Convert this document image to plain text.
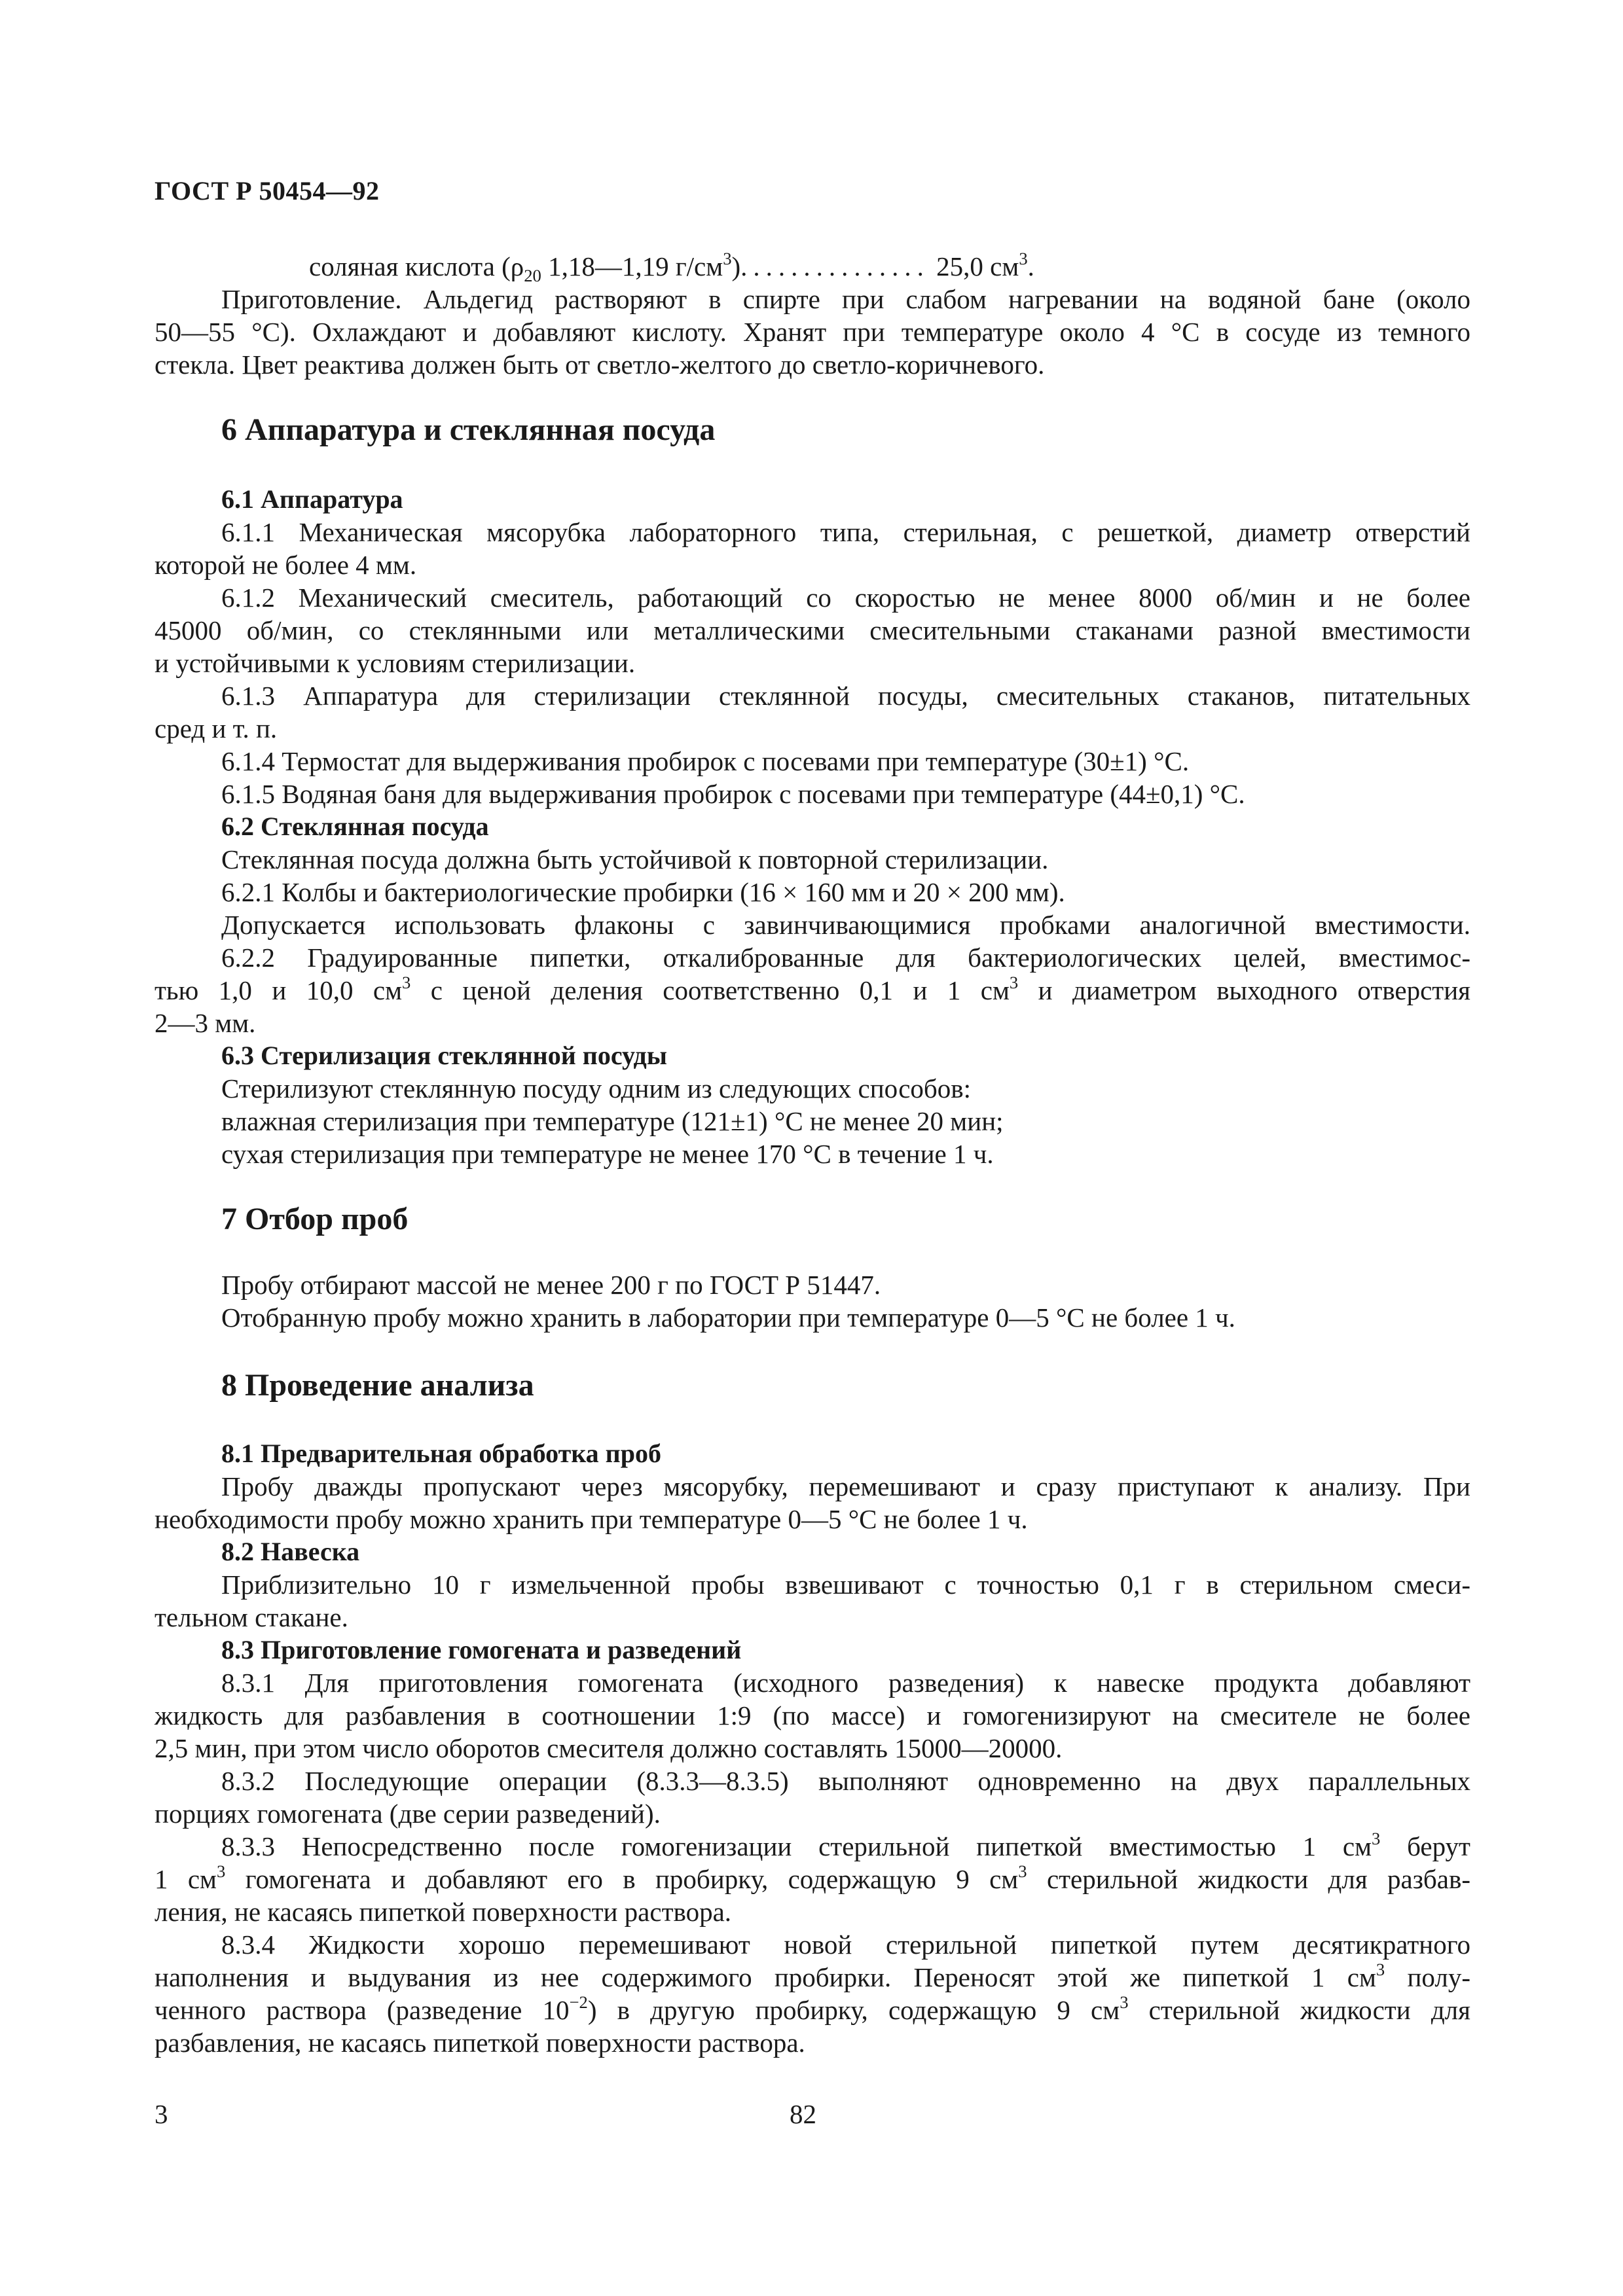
ГОСТ Р 50454—92
соляная кислота ($\rho_{20}$ 1,18—1,19 $г/см^3$)............... 25,0 $см^3$.
Приготовление. Альдегид растворяют в спирте при слабом нагревании на водяной бане (около
50—55 °С). Охлаждают и добавляют кислоту. Хранят при температуре около 4 °С в сосуде из темного
стекла. Цвет реактива должен быть от светло-желтого до светло-коричневого.
6 Аппаратура и стеклянная посуда
6.1 Аппаратура
6.1.1 Механическая мясорубка лабораторного типа, стерильная, с решеткой, диаметр отверстий
которой не более 4 мм.
6.1.2 Механический смеситель, работающий со скоростью не менее 8000 об/мин и не более
45000 об/мин, со стеклянными или металлическими смесительными стаканами разной вместимости
и устойчивыми к условиям стерилизации.
6.1.3 Аппаратура для стерилизации стеклянной посуды, смесительных стаканов, питательных
сред и т. п.
6.1.4 Термостат для выдерживания пробирок с посевами при температуре (30±1) °С.
6.1.5 Водяная баня для выдерживания пробирок с посевами при температуре (44±0,1) °С.
6.2 Стеклянная посуда
Стеклянная посуда должна быть устойчивой к повторной стерилизации.
6.2.1 Колбы и бактериологические пробирки (16 × 160 мм и 20 × 200 мм).
Допускается использовать флаконы с завинчивающимися пробками аналогичной вместимости.
6.2.2 Градуированные пипетки, откалиброванные для бактериологических целей, вместимос-
тью 1,0 и 10,0 $см^3$ с ценой деления соответственно 0,1 и 1 $см^3$ и диаметром выходного отверстия
2—3 мм.
6.3 Стерилизация стеклянной посуды
Стерилизуют стеклянную посуду одним из следующих способов:
влажная стерилизация при температуре (121±1) °С не менее 20 мин;
сухая стерилизация при температуре не менее 170 °С в течение 1 ч.
7 Отбор проб
Пробу отбирают массой не менее 200 г по ГОСТ Р 51447.
Отобранную пробу можно хранить в лаборатории при температуре 0—5 °С не более 1 ч.
8 Проведение анализа
8.1 Предварительная обработка проб
Пробу дважды пропускают через мясорубку, перемешивают и сразу приступают к анализу. При
необходимости пробу можно хранить при температуре 0—5 °С не более 1 ч.
8.2 Навеска
Приблизительно 10 г измельченной пробы взвешивают с точностью 0,1 г в стерильном смеси-
тельном стакане.
8.3 Приготовление гомогената и разведений
8.3.1 Для приготовления гомогената (исходного разведения) к навеске продукта добавляют
жидкость для разбавления в соотношении 1:9 (по массе) и гомогенизируют на смесителе не более
2,5 мин, при этом число оборотов смесителя должно составлять 15000—20000.
8.3.2 Последующие операции (8.3.3—8.3.5) выполняют одновременно на двух параллельных
порциях гомогената (две серии разведений).
8.3.3 Непосредственно после гомогенизации стерильной пипеткой вместимостью 1 $см^3$ берут
1 $см^3$ гомогената и добавляют его в пробирку, содержащую 9 $см^3$ стерильной жидкости для разбав-
ления, не касаясь пипеткой поверхности раствора.
8.3.4 Жидкости хорошо перемешивают новой стерильной пипеткой путем десятикратного
наполнения и выдувания из нее содержимого пробирки. Переносят этой же пипеткой 1 $см^3$ полу-
ченного раствора (разведение $10^{-2}$) в другую пробирку, содержащую 9 $см^3$ стерильной жидкости для
разбавления, не касаясь пипеткой поверхности раствора.
3	82
